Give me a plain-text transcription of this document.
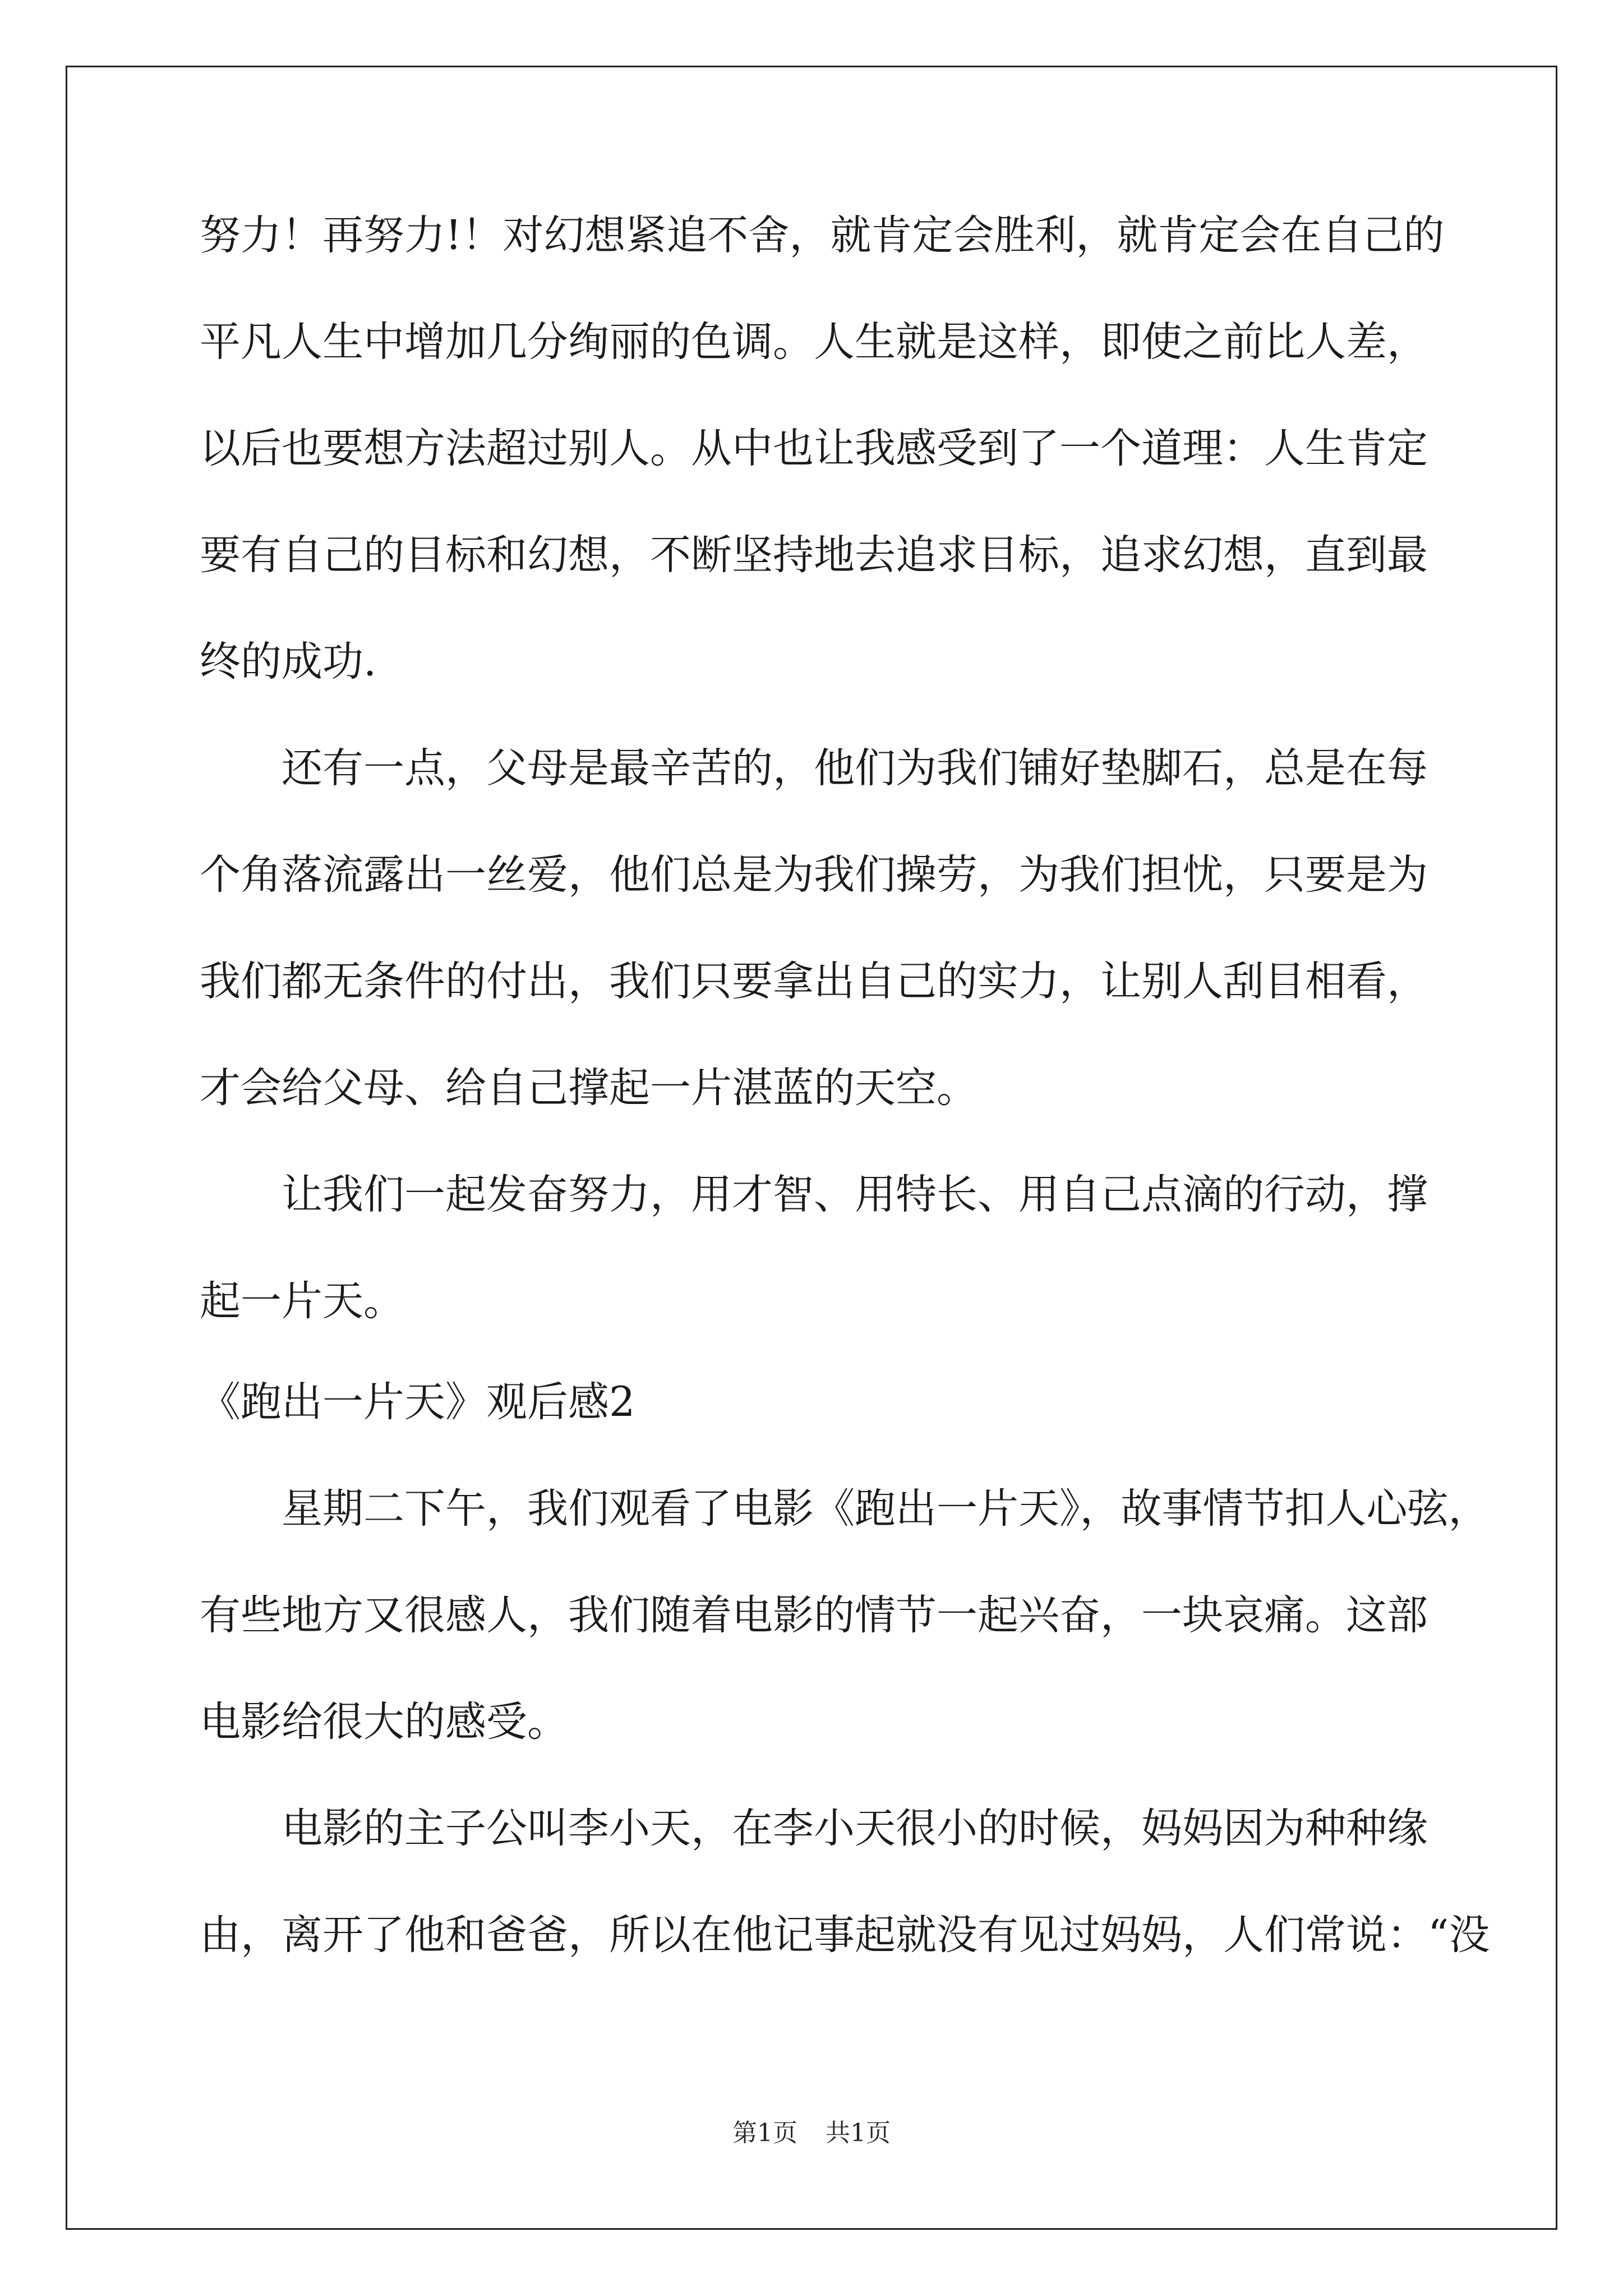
努力！再努力!！对幻想紧追不舍，就肯定会胜利，就肯定会在自己的
平凡人生中增加几分绚丽的色调。人生就是这样，即使之前比人差，
以后也要想方法超过别人。从中也让我感受到了一个道理：人生肯定
要有自己的目标和幻想，不断坚持地去追求目标，追求幻想，直到最
终的成功.
还有一点，父母是最辛苦的，他们为我们铺好垫脚石，总是在每
个角落流露出一丝爱，他们总是为我们操劳，为我们担忧，只要是为
我们都无条件的付出，我们只要拿出自己的实力，让别人刮目相看，
才会给父母、给自己撑起一片湛蓝的天空。
让我们一起发奋努力，用才智、用特长、用自己点滴的行动，撑
起一片天。
《跑出一片天》观后感2
星期二下午，我们观看了电影《跑出一片天》，故事情节扣人心弦，
有些地方又很感人，我们随着电影的情节一起兴奋，一块哀痛。这部
电影给很大的感受。
电影的主子公叫李小天，在李小天很小的时候，妈妈因为种种缘
由，离开了他和爸爸，所以在他记事起就没有见过妈妈，人们常说：“没
第1页 共1页
